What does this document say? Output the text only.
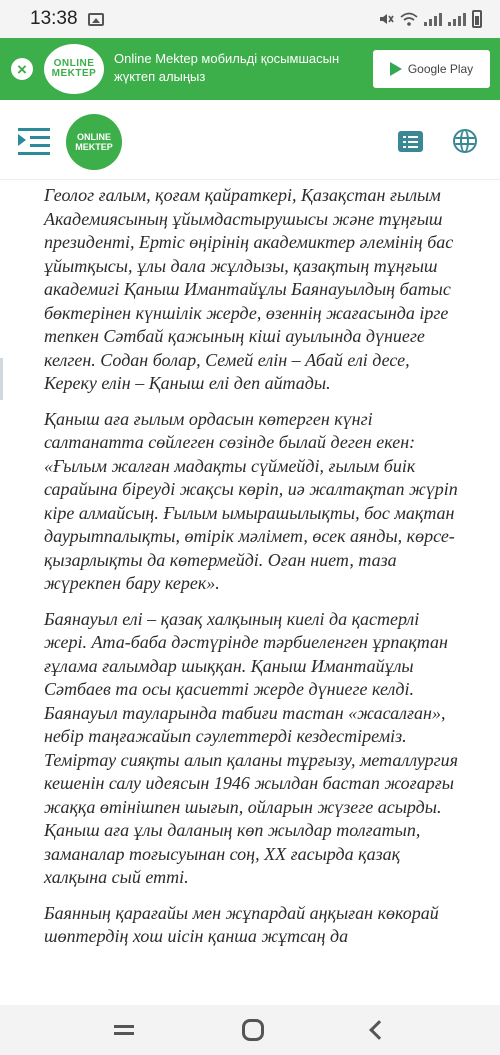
13:38
×	ONLINE
MEKTEP
Online Mektep мобильді қосымшасын жүктеп алыңыз	Google Play
ONLINE
MEKTEP

Геолог ғалым, қоғам қайраткері, Қазақстан ғылым Академиясының ұйымдастырушысы және тұңғыш президенті, Ертіс өңірінің академиктер әлемінің бас ұйытқысы, ұлы дала жұлдызы, қазақтың тұңғыш академигі Қаныш Имантайұлы Баянауылдың батыс бөктерінен күншілік жерде, өзеннің жағасында іргe тепкен Сәтбай қажының кіші ауылында дүниеге келген. Содан болар, Семей елін – Абай елі десе, Кереку елін – Қаныш елі деп айтады.

Қаныш аға ғылым ордасын көтерген күнгі салтанатта сөйлеген сөзінде былай деген екен: «Ғылым жалған мадақты сүймейді, ғылым биік сарайына біреуді жақсы көріп, иә жалтақтап жүріп кіре алмайсың. Ғылым ымырашылықты, бос мақтан даурытпалықты, өтірік мәлімет, өсек аянды, көрсе-қызарлықты да көтермейді. Оған ниет, таза жүрекпен бару керек».

Баянауыл елі – қазақ халқының киелі да қастерлі жері. Ата-баба дәстүрінде тәрбиеленген ұрпақтан ғұлама ғалымдар шыққан. Қаныш Имантайұлы Сәтбаев та осы қасиетті жерде дүниеге келді. Баянауыл тауларында табиғи тастан «жасалған», небір таңғажайып сәулеттерді кездестіреміз. Теміртау сияқты алып қаланы тұрғызу, металлургия кешенін салу идеясын 1946 жылдан бастап жоғарғы жаққа өтінішпен шығып, ойларын жүзеге асырды. Қаныш аға ұлы даланың көп жылдар толғатып, заманалар тоғысуынан соң, XX ғасырда қазақ халқына сый етті.

Баянның қарағайы мен жұпардай аңқыған көкорай шөптердің хош иісін қанша жұтсаң да
